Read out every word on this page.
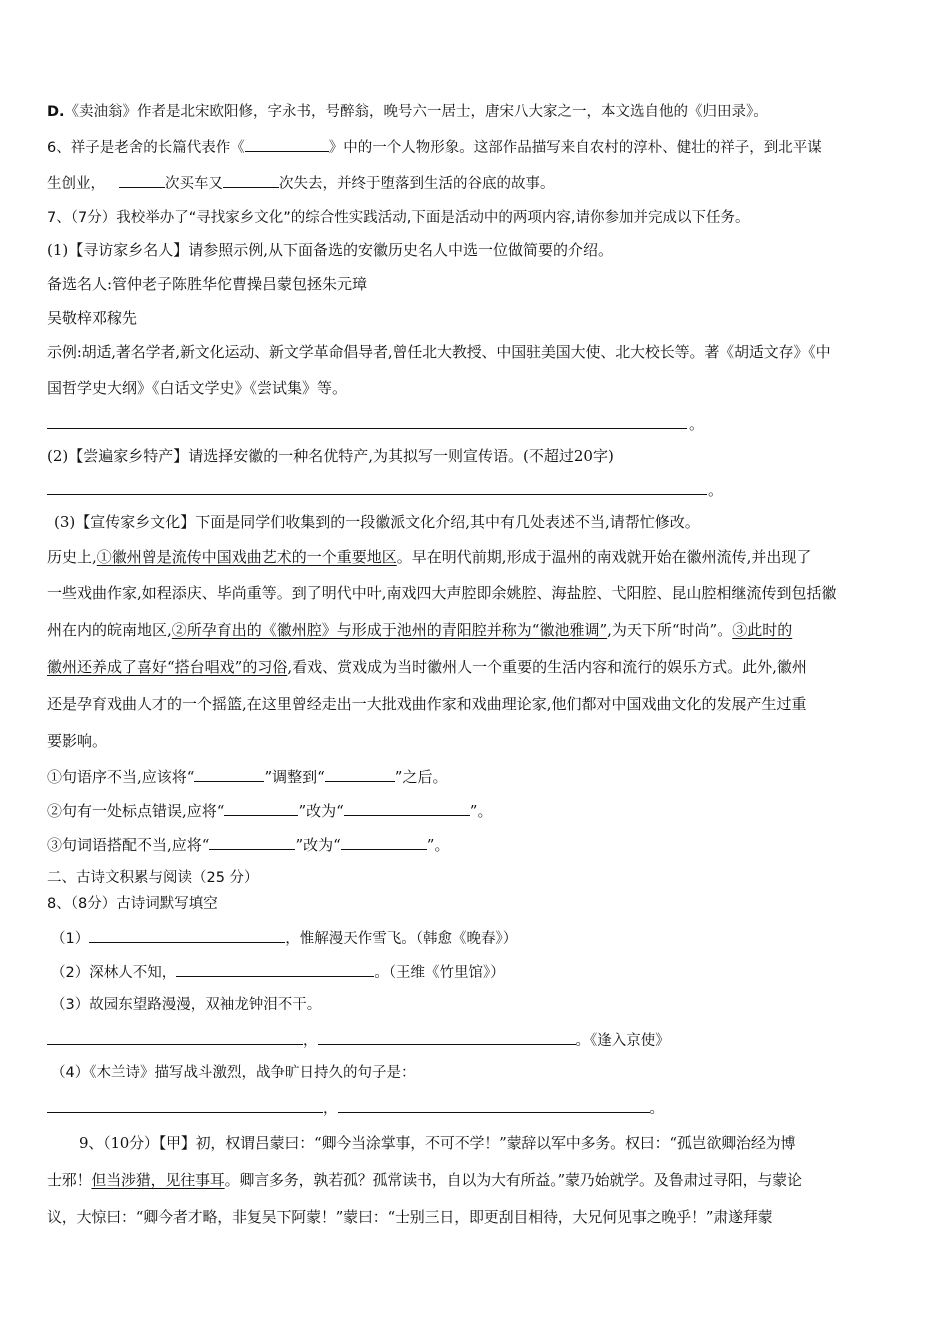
D.《卖油翁》作者是北宋欧阳修，字永书，号醉翁，晚号六一居士，唐宋八大家之一，本文选自他的《归田录》。
6、祥子是老舍的长篇代表作《	》中的一个人物形象。这部作品描写来自农村的淳朴、健壮的祥子，到北平谋
生创业，	次买车又	次失去，并终于堕落到生活的谷底的故事。
7、（7分）我校举办了“寻找家乡文化”的综合性实践活动,下面是活动中的两项内容,请你参加并完成以下任务。
(1)【寻访家乡名人】请参照示例,从下面备选的安徽历史名人中选一位做简要的介绍。
备选名人:管仲老子陈胜华佗曹操吕蒙包拯朱元璋
吴敬梓邓稼先
示例:胡适,著名学者,新文化运动、新文学革命倡导者,曾任北大教授、中国驻美国大使、北大校长等。著《胡适文存》《中
国哲学史大纲》《白话文学史》《尝试集》等。
。
(2)【尝遍家乡特产】请选择安徽的一种名优特产,为其拟写一则宣传语。(不超过20字)
。
(3)【宣传家乡文化】下面是同学们收集到的一段徽派文化介绍,其中有几处表述不当,请帮忙修改。
历史上,①徽州曾是流传中国戏曲艺术的一个重要地区。早在明代前期,形成于温州的南戏就开始在徽州流传,并出现了
一些戏曲作家,如程添庆、毕尚重等。到了明代中叶,南戏四大声腔即余姚腔、海盐腔、弋阳腔、昆山腔相继流传到包括徽
州在内的皖南地区,②所孕育出的《徽州腔》与形成于池州的青阳腔并称为“徽池雅调”,为天下所“时尚”。③此时的
徽州还养成了喜好“搭台唱戏”的习俗,看戏、赏戏成为当时徽州人一个重要的生活内容和流行的娱乐方式。此外,徽州
还是孕育戏曲人才的一个摇篮,在这里曾经走出一大批戏曲作家和戏曲理论家,他们都对中国戏曲文化的发展产生过重
要影响。
①句语序不当,应该将“	”调整到“	”之后。
②句有一处标点错误,应将“	”改为“	”。
③句词语搭配不当,应将“	”改为“	”。
二、古诗文积累与阅读（25 分）
8、（8分）古诗词默写填空
（1）	，惟解漫天作雪飞。（韩愈《晚春》）
（2）深林人不知，	。（王维《竹里馆》）
（3）故园东望路漫漫，双袖龙钟泪不干。
，	。《逢入京使》
（4）《木兰诗》描写战斗激烈，战争旷日持久的句子是：
，	。
9、（10分）【甲】初，权谓吕蒙曰：“卿今当涂掌事，不可不学！”蒙辞以军中多务。权曰：“孤岂欲卿治经为博
士邪！但当涉猎，见往事耳。卿言多务，孰若孤？孤常读书，自以为大有所益。”蒙乃始就学。及鲁肃过寻阳，与蒙论
议，大惊曰：“卿今者才略，非复吴下阿蒙！”蒙曰：“士别三日，即更刮目相待，大兄何见事之晚乎！”肃遂拜蒙
